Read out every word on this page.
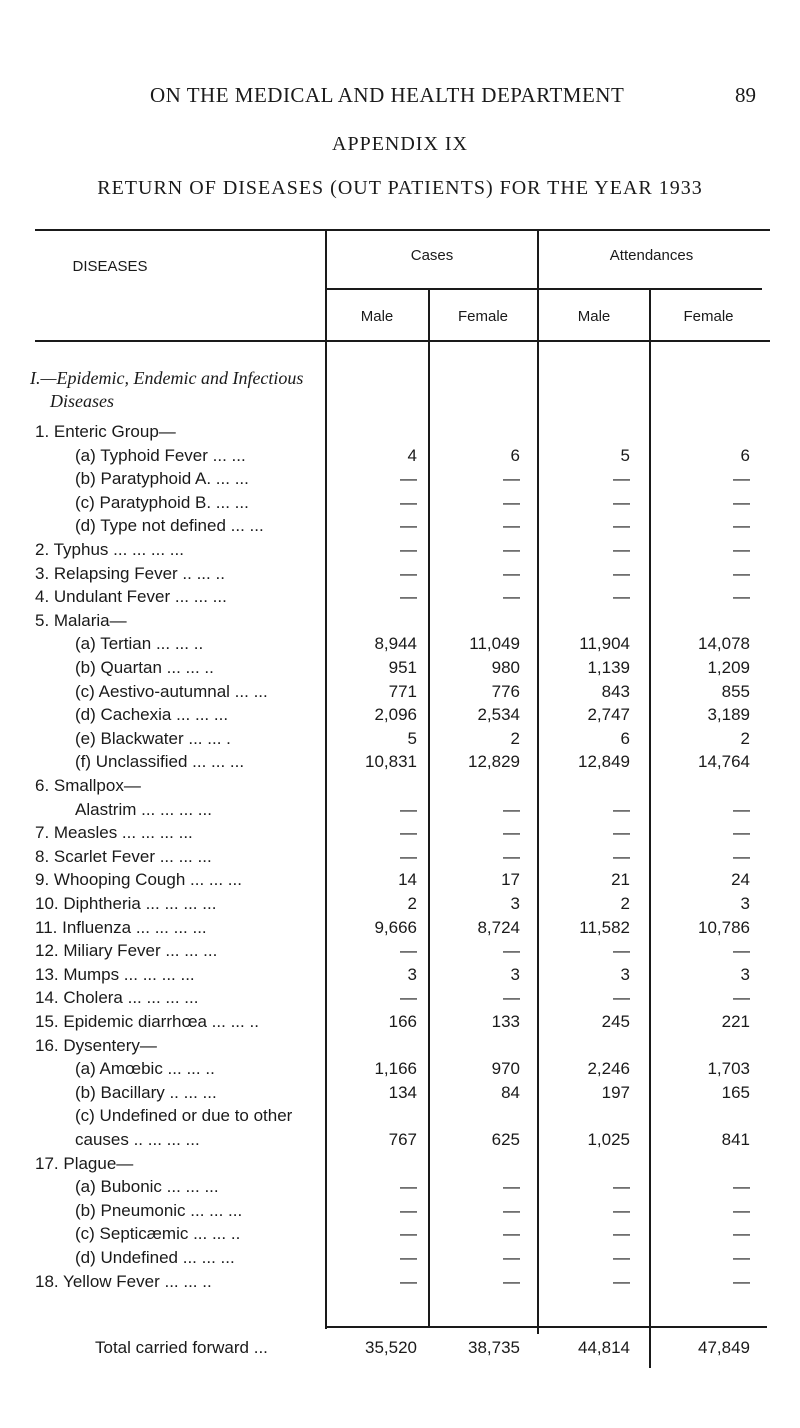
ON THE MEDICAL AND HEALTH DEPARTMENT	89
APPENDIX IX
RETURN OF DISEASES (OUT PATIENTS) FOR THE YEAR 1933
DISEASES
Cases	Attendances
Male	Female	Male	Female
I.—Epidemic, Endemic and Infectious
Diseases
1. Enteric Group—
(a) Typhoid Fever ... ...	4	6	5	6
(b) Paratyphoid A. ... ...	—	—	—	—
(c) Paratyphoid B. ... ...	—	—	—	—
(d) Type not defined ... ...	—	—	—	—
2. Typhus ... ... ... ...	—	—	—	—
3. Relapsing Fever .. ... ..	—	—	—	—
4. Undulant Fever ... ... ...	—	—	—	—
5. Malaria—
(a) Tertian ... ... ..	8,944	11,049	11,904	14,078
(b) Quartan ... ... ..	951	980	1,139	1,209
(c) Aestivo-autumnal ... ...	771	776	843	855
(d) Cachexia ... ... ...	2,096	2,534	2,747	3,189
(e) Blackwater ... ... .	5	2	6	2
(f) Unclassified ... ... ...	10,831	12,829	12,849	14,764
6. Smallpox—
Alastrim ... ... ... ...	—	—	—	—
7. Measles ... ... ... ...	—	—	—	—
8. Scarlet Fever ... ... ...	—	—	—	—
9. Whooping Cough ... ... ...	14	17	21	24
10. Diphtheria ... ... ... ...	2	3	2	3
11. Influenza ... ... ... ...	9,666	8,724	11,582	10,786
12. Miliary Fever ... ... ...	—	—	—	—
13. Mumps ... ... ... ...	3	3	3	3
14. Cholera ... ... ... ...	—	—	—	—
15. Epidemic diarrhœa ... ... ..	166	133	245	221
16. Dysentery—
(a) Amœbic ... ... ..	1,166	970	2,246	1,703
(b) Bacillary .. ... ...	134	84	197	165
(c) Undefined or due to other
causes .. ... ... ...	767	625	1,025	841
17. Plague—
(a) Bubonic ... ... ...	—	—	—	—
(b) Pneumonic ... ... ...	—	—	—	—
(c) Septicæmic ... ... ..	—	—	—	—
(d) Undefined ... ... ...	—	—	—	—
18. Yellow Fever ... ... ..	—	—	—	—
Total carried forward ...	35,520	38,735	44,814	47,849
